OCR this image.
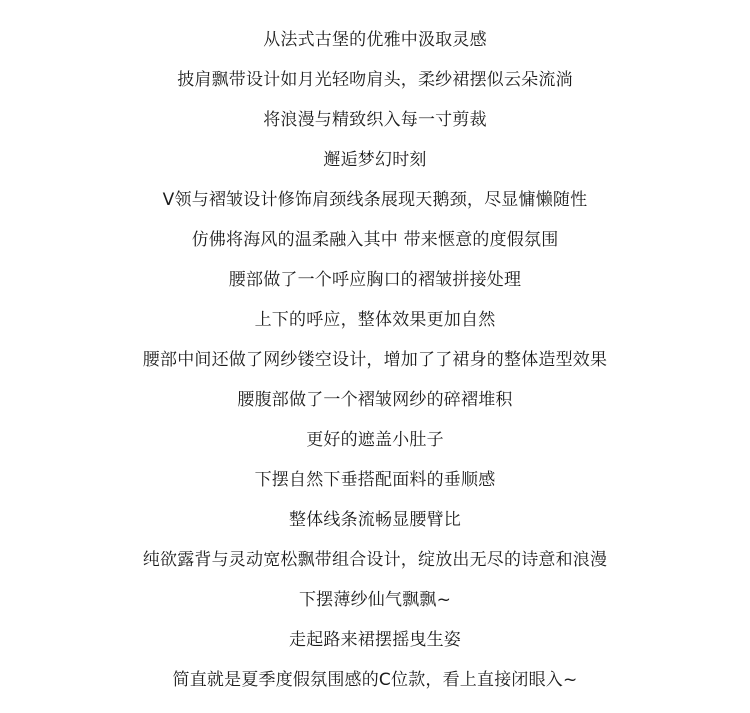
从法式古堡的优雅中汲取灵感
披肩飘带设计如月光轻吻肩头，柔纱裙摆似云朵流淌
将浪漫与精致织入每一寸剪裁
邂逅梦幻时刻
V领与褶皱设计修饰肩颈线条展现天鹅颈，尽显慵懒随性
仿佛将海风的温柔融入其中 带来惬意的度假氛围
腰部做了一个呼应胸口的褶皱拼接处理
上下的呼应，整体效果更加自然
腰部中间还做了网纱镂空设计，增加了了裙身的整体造型效果
腰腹部做了一个褶皱网纱的碎褶堆积
更好的遮盖小肚子
下摆自然下垂搭配面料的垂顺感
整体线条流畅显腰臂比
纯欲露背与灵动宽松飘带组合设计，绽放出无尽的诗意和浪漫
下摆薄纱仙气飘飘~
走起路来裙摆摇曳生姿
简直就是夏季度假氛围感的C位款，看上直接闭眼入~
